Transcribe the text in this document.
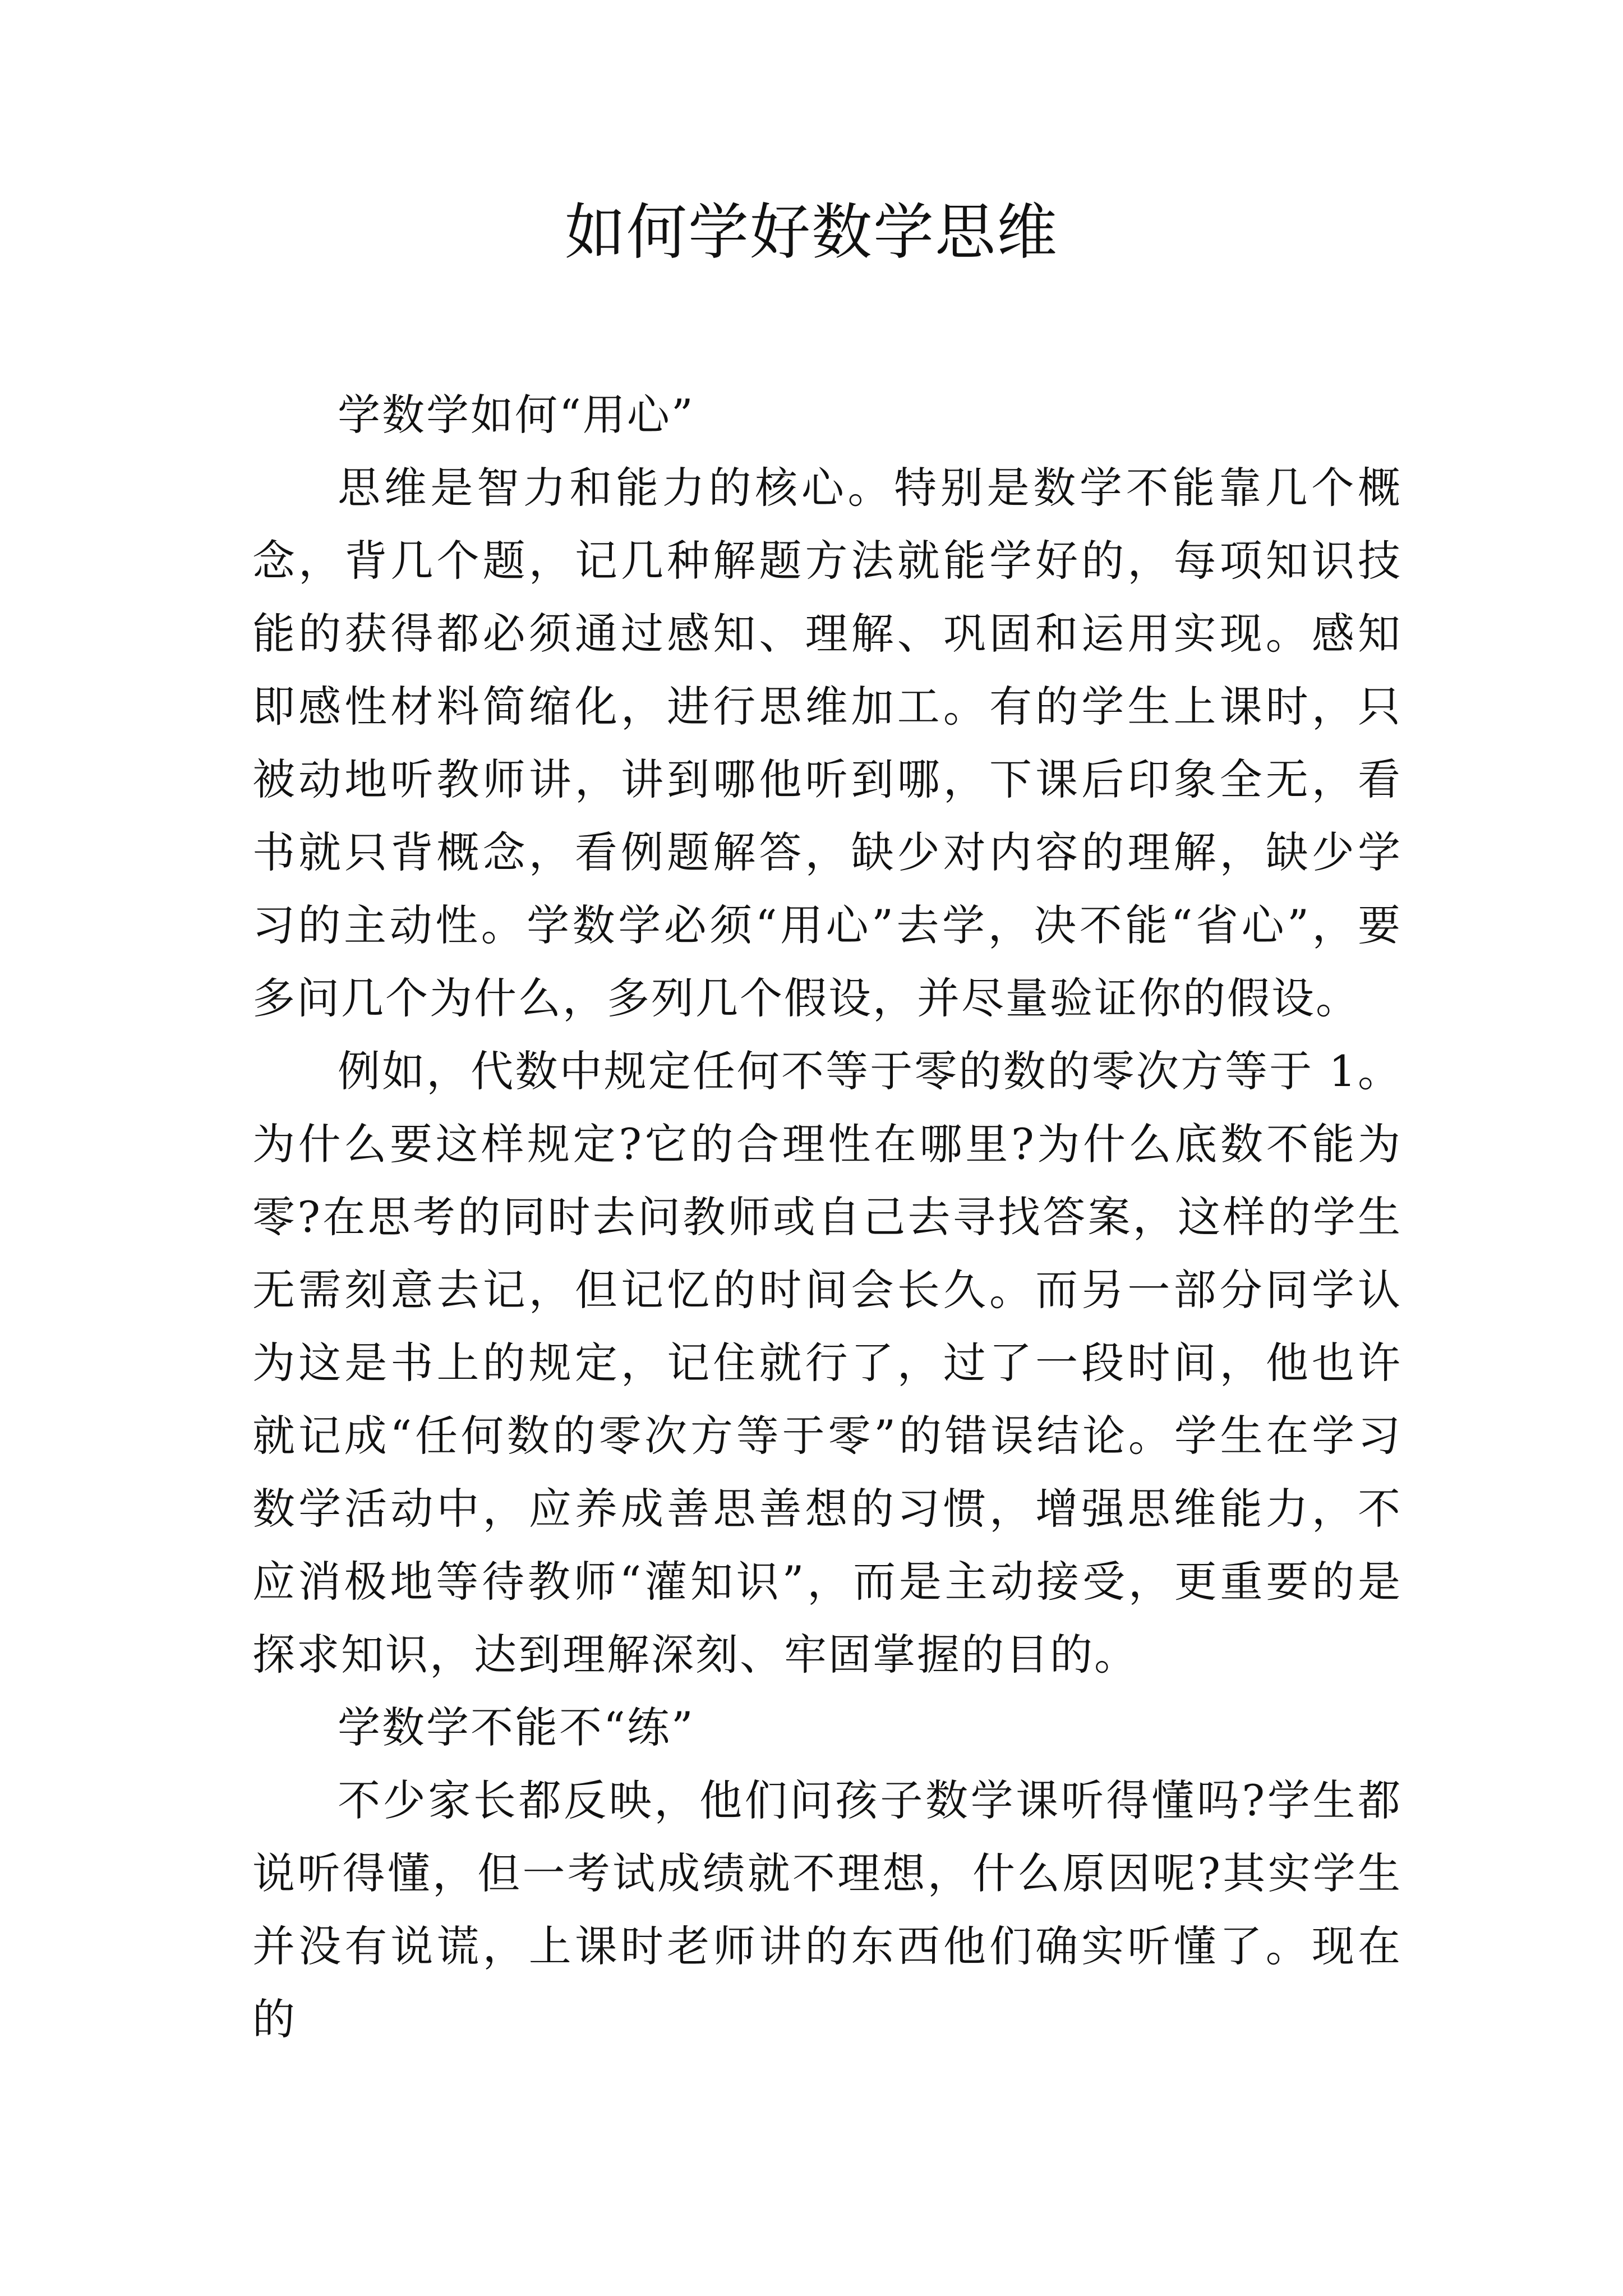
如何学好数学思维

学数学如何“用心”

思维是智力和能力的核心。特别是数学不能靠几个概念，背几个题，记几种解题方法就能学好的，每项知识技能的获得都必须通过感知、理解、巩固和运用实现。感知即感性材料简缩化，进行思维加工。有的学生上课时，只被动地听教师讲，讲到哪他听到哪，下课后印象全无，看书就只背概念，看例题解答，缺少对内容的理解，缺少学习的主动性。学数学必须“用心”去学，决不能“省心”，要多问几个为什么，多列几个假设，并尽量验证你的假设。

例如，代数中规定任何不等于零的数的零次方等于 1。为什么要这样规定?它的合理性在哪里?为什么底数不能为零?在思考的同时去问教师或自己去寻找答案，这样的学生无需刻意去记，但记忆的时间会长久。而另一部分同学认为这是书上的规定，记住就行了，过了一段时间，他也许就记成“任何数的零次方等于零”的错误结论。学生在学习数学活动中，应养成善思善想的习惯，增强思维能力，不应消极地等待教师“灌知识”，而是主动接受，更重要的是探求知识，达到理解深刻、牢固掌握的目的。

学数学不能不“练”

不少家长都反映，他们问孩子数学课听得懂吗?学生都说听得懂，但一考试成绩就不理想，什么原因呢?其实学生并没有说谎，上课时老师讲的东西他们确实听懂了。现在的
